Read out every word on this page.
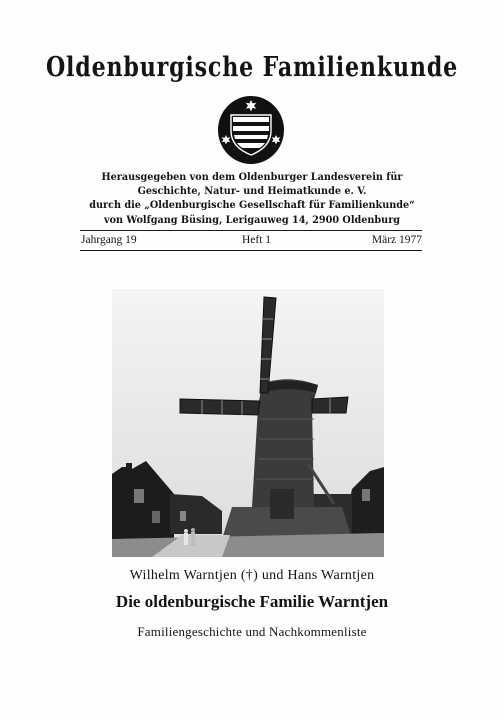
Oldenburgische Familienkunde
Herausgegeben von dem Oldenburger Landesverein für
Geschichte, Natur- und Heimatkunde e. V.
durch die „Oldenburgische Gesellschaft für Familienkunde“
von Wolfgang Büsing, Lerigauweg 14, 2900 Oldenburg
Jahrgang 19	Heft 1	März 1977
Wilhelm Warntjen (†) und Hans Warntjen
Die oldenburgische Familie Warntjen
Familiengeschichte und Nachkommenliste
